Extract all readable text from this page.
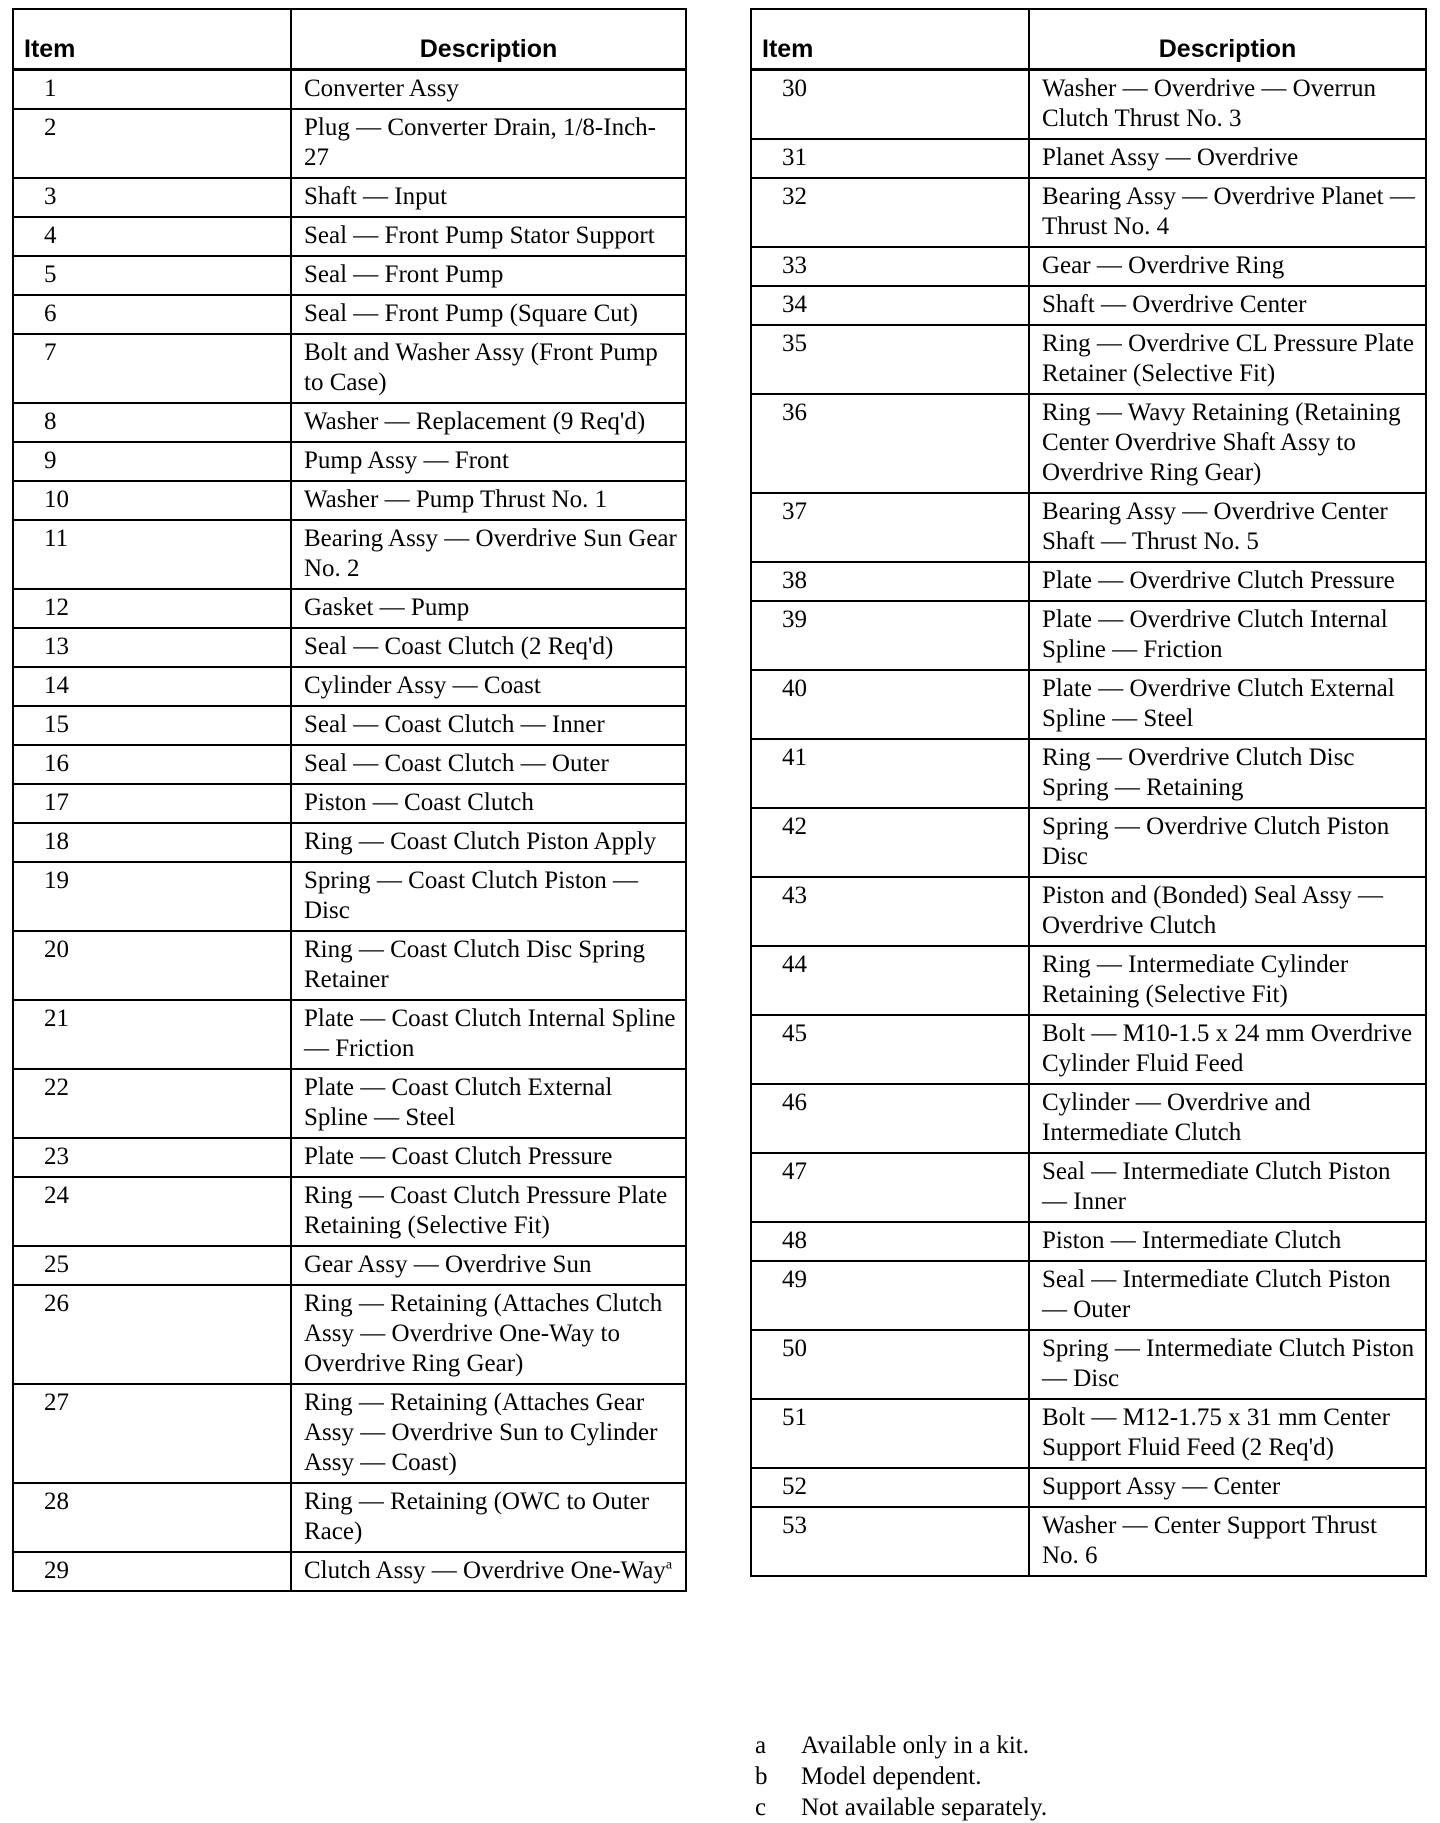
Item	Description
1	Converter Assy
2	Plug — Converter Drain, 1/8-Inch-27
3	Shaft — Input
4	Seal — Front Pump Stator Support
5	Seal — Front Pump
6	Seal — Front Pump (Square Cut)
7	Bolt and Washer Assy (Front Pump to Case)
8	Washer — Replacement (9 Req'd)
9	Pump Assy — Front
10	Washer — Pump Thrust No. 1
11	Bearing Assy — Overdrive Sun Gear No. 2
12	Gasket — Pump
13	Seal — Coast Clutch (2 Req'd)
14	Cylinder Assy — Coast
15	Seal — Coast Clutch — Inner
16	Seal — Coast Clutch — Outer
17	Piston — Coast Clutch
18	Ring — Coast Clutch Piston Apply
19	Spring — Coast Clutch Piston — Disc
20	Ring — Coast Clutch Disc Spring Retainer
21	Plate — Coast Clutch Internal Spline — Friction
22	Plate — Coast Clutch External Spline — Steel
23	Plate — Coast Clutch Pressure
24	Ring — Coast Clutch Pressure Plate Retaining (Selective Fit)
25	Gear Assy — Overdrive Sun
26	Ring — Retaining (Attaches Clutch Assy — Overdrive One-Way to Overdrive Ring Gear)
27	Ring — Retaining (Attaches Gear Assy — Overdrive Sun to Cylinder Assy — Coast)
28	Ring — Retaining (OWC to Outer Race)
29	Clutch Assy — Overdrive One-Way$^a$
Item	Description
30	Washer — Overdrive — Overrun Clutch Thrust No. 3
31	Planet Assy — Overdrive
32	Bearing Assy — Overdrive Planet — Thrust No. 4
33	Gear — Overdrive Ring
34	Shaft — Overdrive Center
35	Ring — Overdrive CL Pressure Plate Retainer (Selective Fit)
36	Ring — Wavy Retaining (Retaining Center Overdrive Shaft Assy to Overdrive Ring Gear)
37	Bearing Assy — Overdrive Center Shaft — Thrust No. 5
38	Plate — Overdrive Clutch Pressure
39	Plate — Overdrive Clutch Internal Spline — Friction
40	Plate — Overdrive Clutch External Spline — Steel
41	Ring — Overdrive Clutch Disc Spring — Retaining
42	Spring — Overdrive Clutch Piston Disc
43	Piston and (Bonded) Seal Assy — Overdrive Clutch
44	Ring — Intermediate Cylinder Retaining (Selective Fit)
45	Bolt — M10-1.5 x 24 mm Overdrive Cylinder Fluid Feed
46	Cylinder — Overdrive and Intermediate Clutch
47	Seal — Intermediate Clutch Piston — Inner
48	Piston — Intermediate Clutch
49	Seal — Intermediate Clutch Piston — Outer
50	Spring — Intermediate Clutch Piston — Disc
51	Bolt — M12-1.75 x 31 mm Center Support Fluid Feed (2 Req'd)
52	Support Assy — Center
53	Washer — Center Support Thrust No. 6
a	Available only in a kit.
b	Model dependent.
c	Not available separately.
